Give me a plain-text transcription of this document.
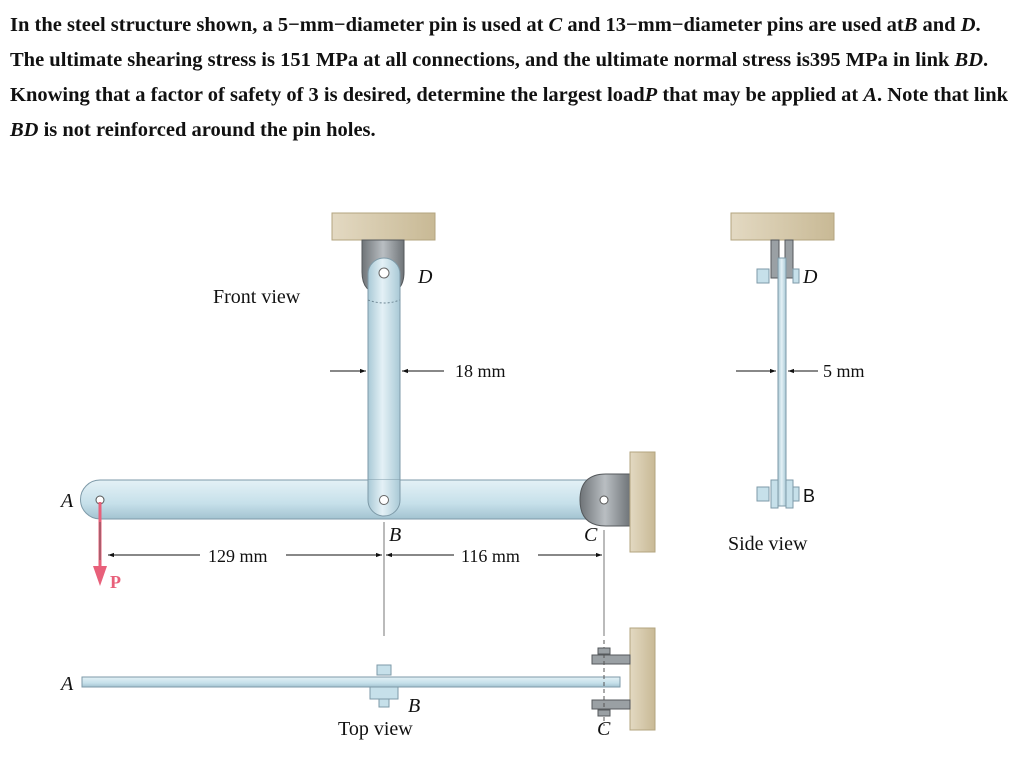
In the steel structure shown, a 5−mm−diameter pin is used at C and 13−mm−diameter pins are used atB and D. The ultimate shearing stress is 151 MPa at all connections, and the ultimate normal stress is395 MPa in link BD. Knowing that a factor of safety of 3 is desired, determine the largest loadP that may be applied at A. Note that link BD is not reinforced around the pin holes.

Front view
D
18 mm
A
B	C
129 mm	116 mm
P
A
B
C
Top view
D
5 mm
B
Side view
